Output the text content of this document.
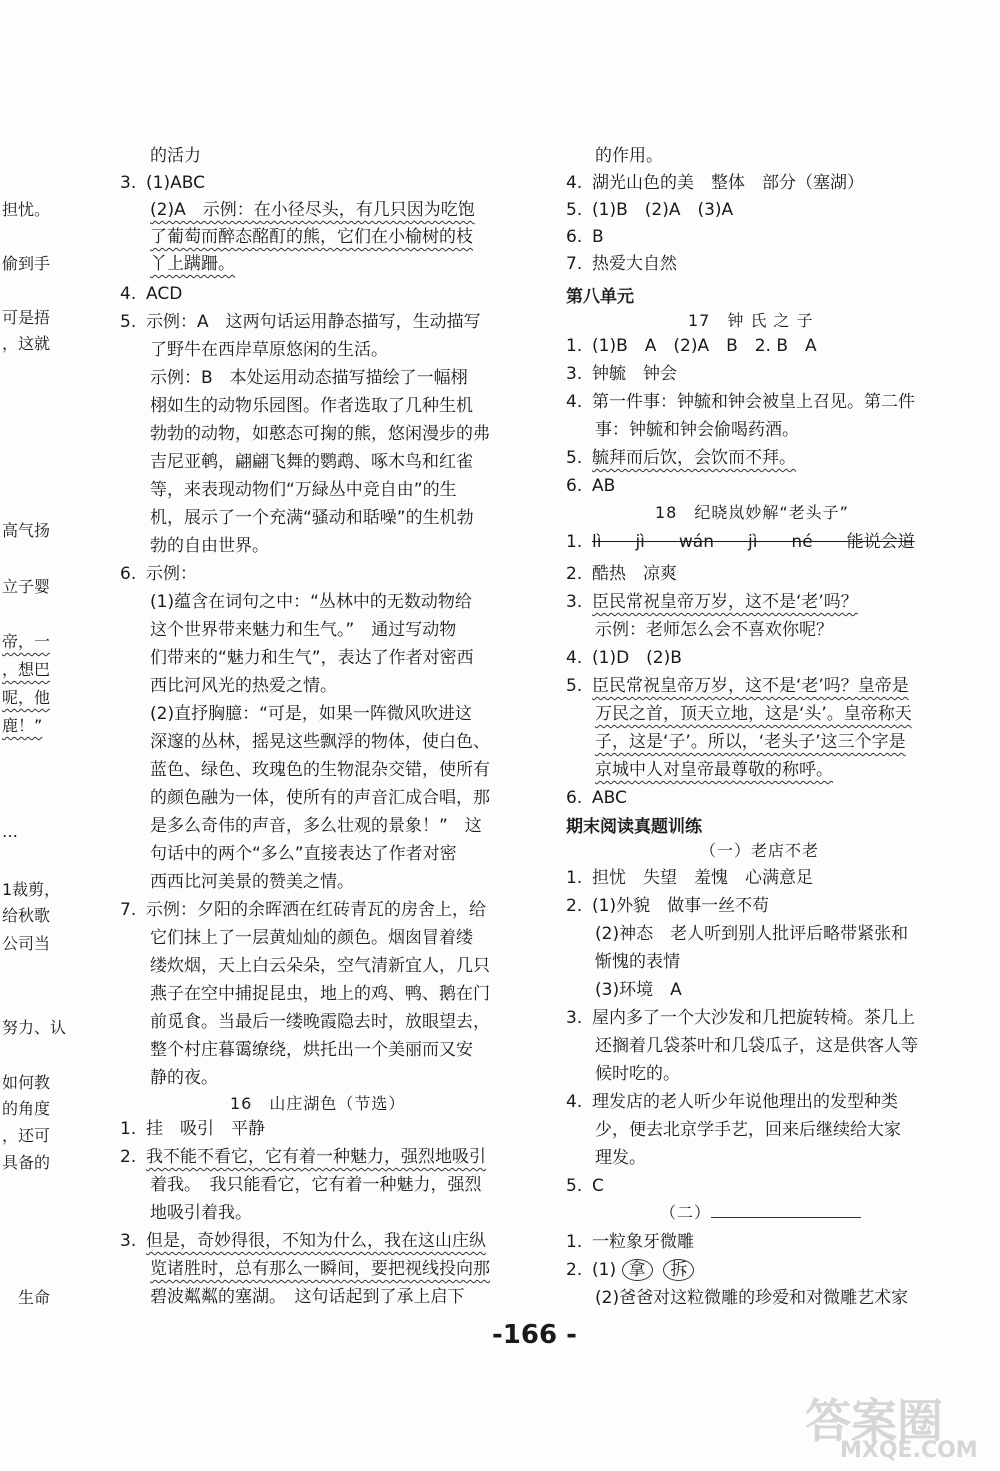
担忧。
偷到手
可是捂
，这就
高气扬
立子婴
帝，一
，想巴
呢，他
鹿！”
…
1裁剪，
给秋歌
公司当
努力、认
如何教
的角度
，还可
具备的
生命
的活力
3. (1)ABC
(2)A　示例：在小径尽头，有几只因为吃饱
了葡萄而醉态酩酊的熊，它们在小榆树的枝
丫上蹒跚。
4. ACD
5. 示例：A　这两句话运用静态描写，生动描写
了野牛在西岸草原悠闲的生活。
示例：B　本处运用动态描写描绘了一幅栩
栩如生的动物乐园图。作者选取了几种生机
勃勃的动物，如憨态可掬的熊，悠闲漫步的弗
吉尼亚鹌，翩翩飞舞的鹦鹉、啄木鸟和红雀
等，来表现动物们“万緑丛中竞自由”的生
机，展示了一个充满“骚动和聒噪”的生机勃
勃的自由世界。
6. 示例：
(1)蕴含在词句之中：“丛林中的无数动物给
这个世界带来魅力和生气。”　通过写动物
们带来的“魅力和生气”，表达了作者对密西
西比河风光的热爱之情。
(2)直抒胸臆：“可是，如果一阵微风吹进这
深邃的丛林，摇晃这些飘浮的物体，使白色、
蓝色、绿色、玫瑰色的生物混杂交错，使所有
的颜色融为一体，使所有的声音汇成合唱，那
是多么奇伟的声音，多么壮观的景象！”　这
句话中的两个“多么”直接表达了作者对密
西西比河美景的赞美之情。
7. 示例：夕阳的余晖洒在红砖青瓦的房舍上，给
它们抹上了一层黄灿灿的颜色。烟囱冒着缕
缕炊烟，天上白云朵朵，空气清新宜人，几只
燕子在空中捕捉昆虫，地上的鸡、鸭、鹅在门
前觅食。当最后一缕晚霞隐去时，放眼望去，
整个村庄暮霭缭绕，烘托出一个美丽而又安
静的夜。
16　山庄湖色（节选）
1. 挂　吸引　平静
2. 我不能不看它，它有着一种魅力，强烈地吸引
着我。　我只能看它，它有着一种魅力，强烈
地吸引着我。
3. 但是，奇妙得很，不知为什么，我在这山庄纵
览诸胜时，总有那么一瞬间，要把视线投向那
碧波粼粼的塞湖。　这句话起到了承上启下
的作用。
4. 湖光山色的美　整体　部分（塞湖）
5. (1)B　(2)A　(3)A
6. B
7. 热爱大自然
第八单元
17　钟 氏 之 子
1. (1)B　A　(2)A　B　2. B　A
3. 钟毓　钟会
4. 第一件事：钟毓和钟会被皇上召见。第二件
事：钟毓和钟会偷喝药酒。
5. 毓拜而后饮，会饮而不拜。
6. AB
18　纪晓岚妙解“老头子”
1. lì　　jì　　wán　　jì　　né　　能说会道
2. 酷热　凉爽
3. 臣民常祝皇帝万岁，这不是‘老’吗？
示例：老师怎么会不喜欢你呢？
4. (1)D　(2)B
5. 臣民常祝皇帝万岁，这不是‘老’吗？皇帝是
万民之首，顶天立地，这是‘头’。皇帝称天
子，这是‘子’。所以，‘老头子’这三个字是
京城中人对皇帝最尊敬的称呼。
6. ABC
期末阅读真题训练
（一）老店不老
1. 担忧　失望　羞愧　心满意足
2. (1)外貌　做事一丝不苟
(2)神态　老人听到别人批评后略带紧张和
惭愧的表情
(3)环境　A
3. 屋内多了一个大沙发和几把旋转椅。茶几上
还搁着几袋茶叶和几袋瓜子，这是供客人等
候时吃的。
4. 理发店的老人听少年说他理出的发型种类
少，便去北京学手艺，回来后继续给大家
理发。
5. C
（二）
1. 一粒象牙微雕
2. (1) 拿 拆
(2)爸爸对这粒微雕的珍爱和对微雕艺术家
-166 -
答案圈
MXQE.COM
